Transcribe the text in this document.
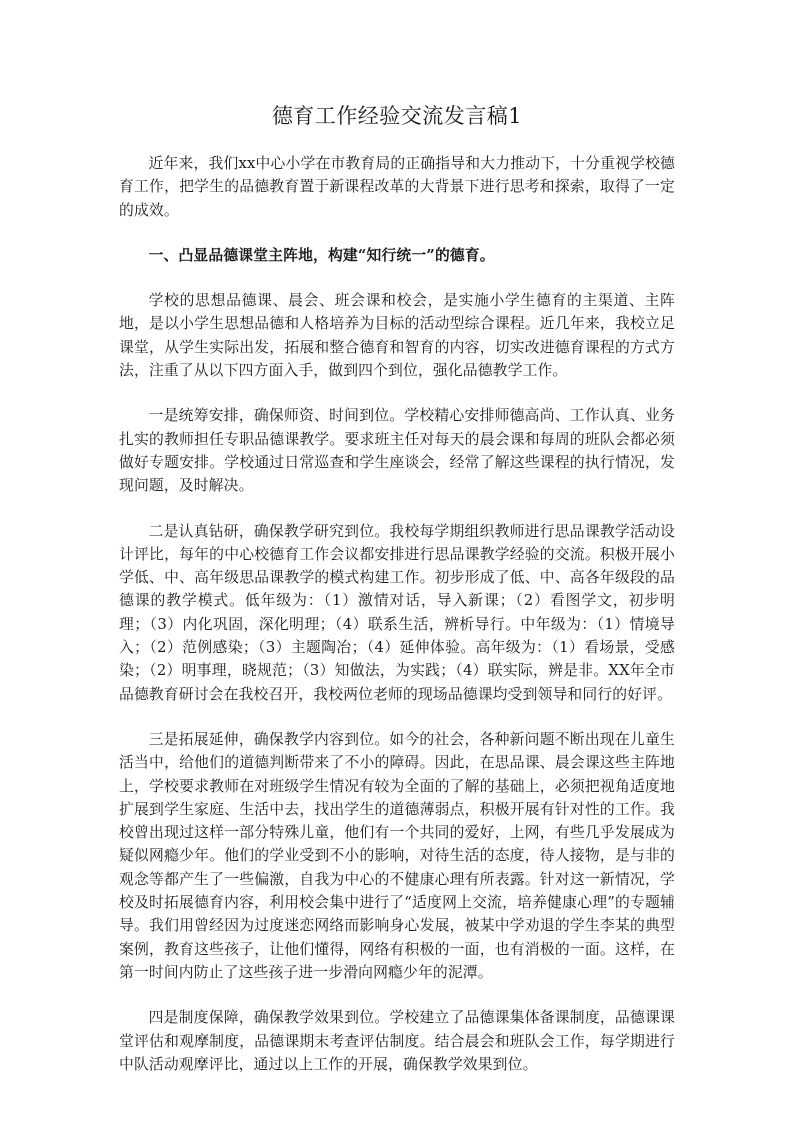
德育工作经验交流发言稿1

近年来，我们xx中心小学在市教育局的正确指导和大力推动下，十分重视学校德育工作，把学生的品德教育置于新课程改革的大背景下进行思考和探索，取得了一定的成效。

一、凸显品德课堂主阵地，构建“知行统一”的德育。

学校的思想品德课、晨会、班会课和校会，是实施小学生德育的主渠道、主阵地，是以小学生思想品德和人格培养为目标的活动型综合课程。近几年来，我校立足课堂，从学生实际出发，拓展和整合德育和智育的内容，切实改进德育课程的方式方法，注重了从以下四方面入手，做到四个到位，强化品德教学工作。

一是统筹安排，确保师资、时间到位。学校精心安排师德高尚、工作认真、业务扎实的教师担任专职品德课教学。要求班主任对每天的晨会课和每周的班队会都必须做好专题安排。学校通过日常巡查和学生座谈会，经常了解这些课程的执行情况，发现问题，及时解决。

二是认真钻研，确保教学研究到位。我校每学期组织教师进行思品课教学活动设计评比，每年的中心校德育工作会议都安排进行思品课教学经验的交流。积极开展小学低、中、高年级思品课教学的模式构建工作。初步形成了低、中、高各年级段的品德课的教学模式。低年级为：（1）激情对话，导入新课；（2）看图学文，初步明理；（3）内化巩固，深化明理；（4）联系生活，辨析导行。中年级为：（1）情境导入；（2）范例感染；（3）主题陶冶；（4）延伸体验。高年级为：（1）看场景，受感染；（2）明事理，晓规范；（3）知做法，为实践；（4）联实际，辨是非。XX年全市品德教育研讨会在我校召开，我校两位老师的现场品德课均受到领导和同行的好评。

三是拓展延伸，确保教学内容到位。如今的社会，各种新问题不断出现在儿童生活当中，给他们的道德判断带来了不小的障碍。因此，在思品课、晨会课这些主阵地上，学校要求教师在对班级学生情况有较为全面的了解的基础上，必须把视角适度地扩展到学生家庭、生活中去，找出学生的道德薄弱点，积极开展有针对性的工作。我校曾出现过这样一部分特殊儿童，他们有一个共同的爱好，上网，有些几乎发展成为疑似网瘾少年。他们的学业受到不小的影响，对待生活的态度，待人接物，是与非的观念等都产生了一些偏激，自我为中心的不健康心理有所表露。针对这一新情况，学校及时拓展德育内容，利用校会集中进行了“适度网上交流，培养健康心理”的专题辅导。我们用曾经因为过度迷恋网络而影响身心发展，被某中学劝退的学生李某的典型案例，教育这些孩子，让他们懂得，网络有积极的一面，也有消极的一面。这样，在第一时间内防止了这些孩子进一步滑向网瘾少年的泥潭。

四是制度保障，确保教学效果到位。学校建立了品德课集体备课制度，品德课课堂评估和观摩制度，品德课期末考查评估制度。结合晨会和班队会工作，每学期进行中队活动观摩评比，通过以上工作的开展，确保教学效果到位。
